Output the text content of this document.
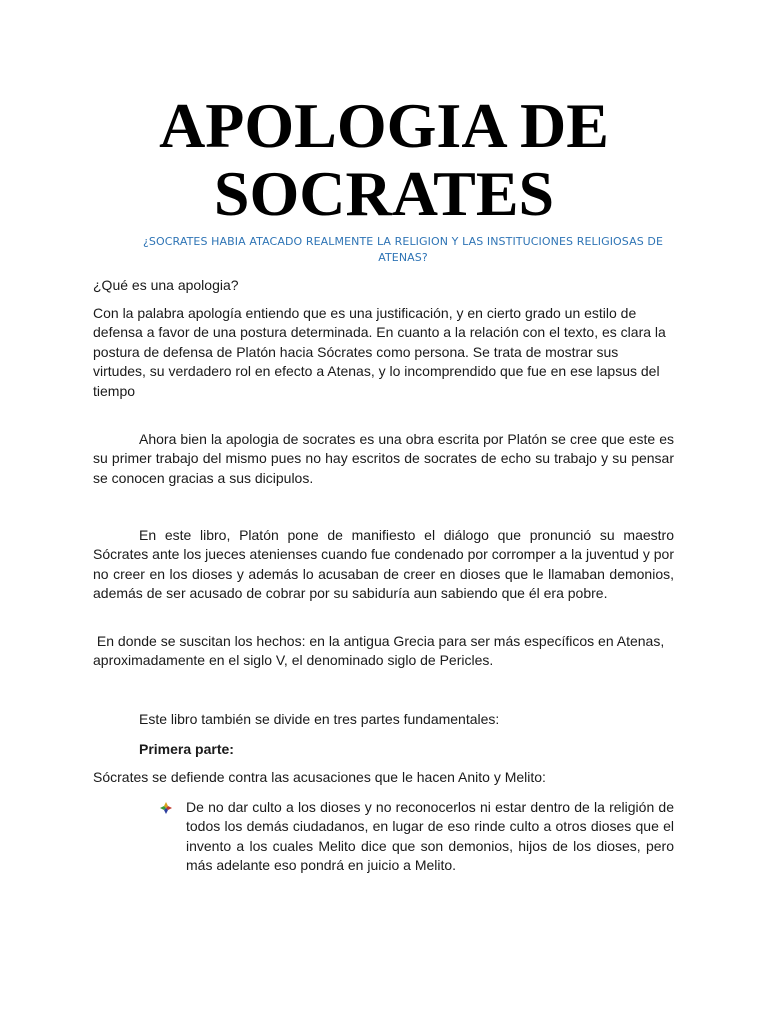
APOLOGIA DE
SOCRATES

¿SOCRATES HABIA ATACADO REALMENTE LA RELIGION Y LAS INSTITUCIONES RELIGIOSAS DE ATENAS?

¿Qué es una apologia?

Con la palabra apología entiendo que es una justificación, y en cierto grado un estilo de defensa a favor de una postura determinada. En cuanto a la relación con el texto, es clara la postura de defensa de Platón hacia Sócrates como persona. Se trata de mostrar sus virtudes, su verdadero rol en efecto a Atenas, y lo incomprendido que fue en ese lapsus del tiempo

Ahora bien la apologia de socrates es una obra escrita por Platón se cree que este es su primer trabajo del mismo pues no hay escritos de socrates de echo su trabajo y su pensar se conocen gracias a sus dicipulos.

En este libro, Platón pone de manifiesto el diálogo que pronunció su maestro Sócrates ante los jueces atenienses cuando fue condenado por corromper a la juventud y por no creer en los dioses y además lo acusaban de creer en dioses que le llamaban demonios, además de ser acusado de cobrar por su sabiduría aun sabiendo que él era pobre.

En donde se suscitan los hechos: en la antigua Grecia para ser más específicos en Atenas, aproximadamente en el siglo V, el denominado siglo de Pericles.

Este libro también se divide en tres partes fundamentales:

Primera parte:

Sócrates se defiende contra las acusaciones que le hacen Anito y Melito:

De no dar culto a los dioses y no reconocerlos ni estar dentro de la religión de todos los demás ciudadanos, en lugar de eso rinde culto a otros dioses que el invento a los cuales Melito dice que son demonios, hijos de los dioses, pero más adelante eso pondrá en juicio a Melito.
